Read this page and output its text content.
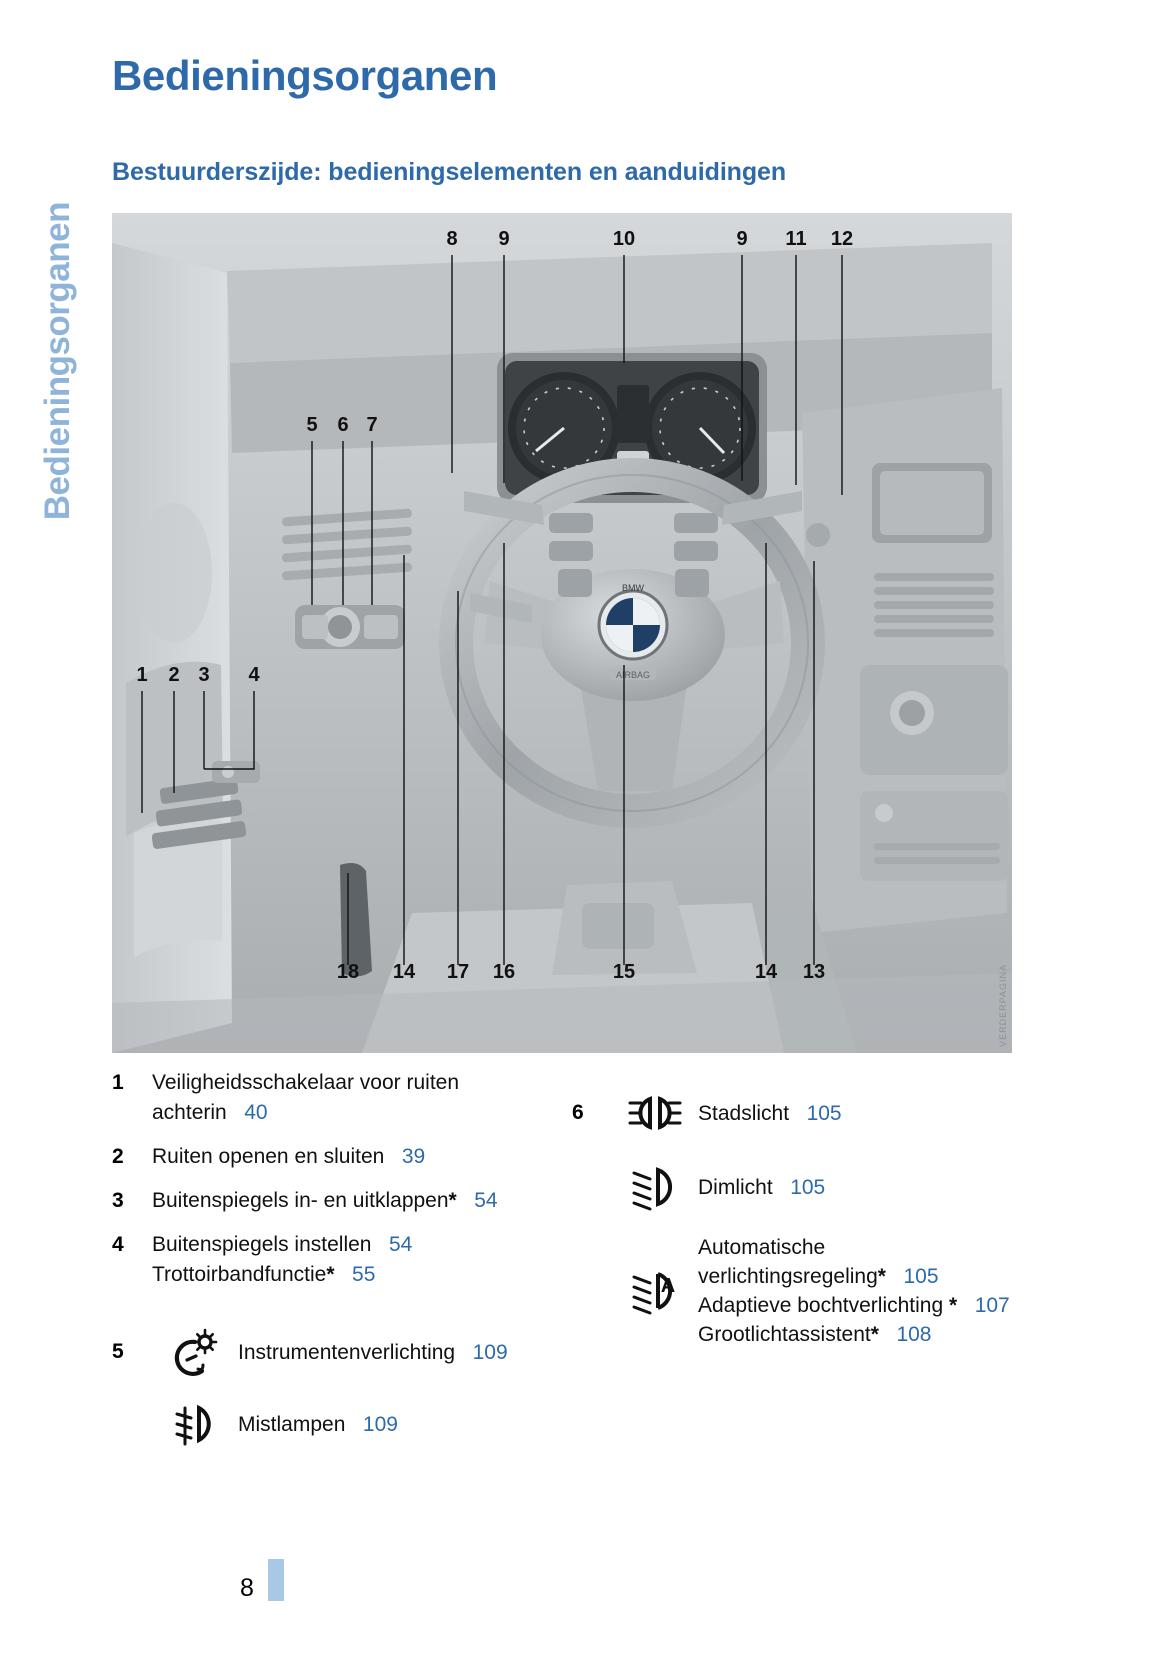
Bedieningsorganen
Bedieningsorganen
Bestuurderszijde: bedieningselementen en aanduidingen
BMW
AIRBAG
8 9	10	9 11 12
5 6 7
1 2 3 4
18 14 17 16	15	14 13	VERDERPAGINA
1	Veiligheidsschakelaar voor ruiten
achterin 40
2	Ruiten openen en sluiten 39
3	Buitenspiegels in- en uitklappen* 54
4	Buitenspiegels instellen 54
Trottoirbandfunctie* 55
5	Instrumentenverlichting 109
Mistlampen 109
6	Stadslicht 105
Dimlicht 105
A
Automatische
verlichtingsregeling* 105
Adaptieve bochtverlichting * 107
Grootlichtassistent* 108
8
